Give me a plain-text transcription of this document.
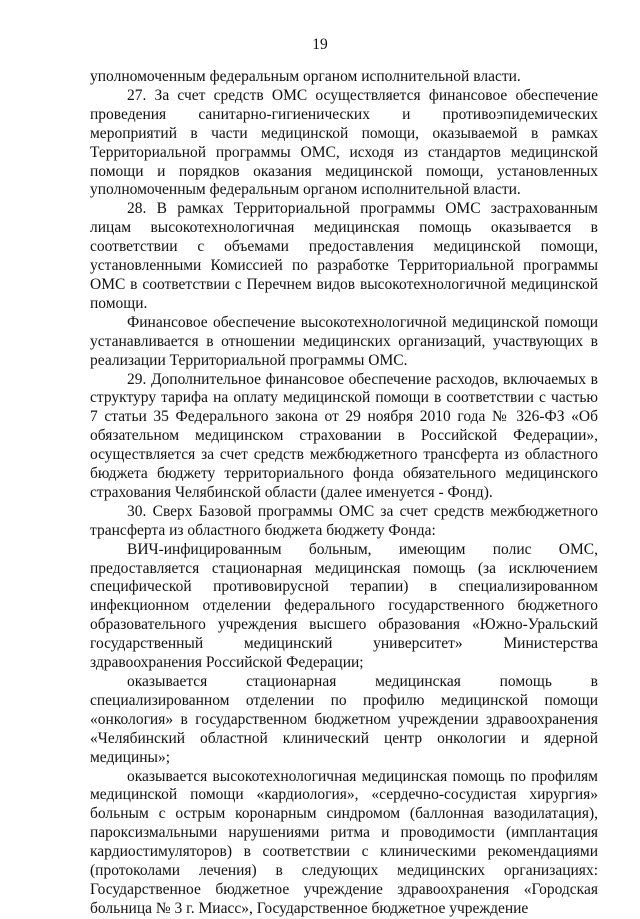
19

уполномоченным федеральным органом исполнительной власти.

27. За счет средств ОМС осуществляется финансовое обеспечение проведения санитарно-гигиенических и противоэпидемических мероприятий в части медицинской помощи, оказываемой в рамках Территориальной программы ОМС, исходя из стандартов медицинской помощи и порядков оказания медицинской помощи, установленных уполномоченным федеральным органом исполнительной власти.

28. В рамках Территориальной программы ОМС застрахованным лицам высокотехнологичная медицинская помощь оказывается в соответствии с объемами предоставления медицинской помощи, установленными Комиссией по разработке Территориальной программы ОМС в соответствии с Перечнем видов высокотехнологичной медицинской помощи.

Финансовое обеспечение высокотехнологичной медицинской помощи устанавливается в отношении медицинских организаций, участвующих в реализации Территориальной программы ОМС.

29. Дополнительное финансовое обеспечение расходов, включаемых в структуру тарифа на оплату медицинской помощи в соответствии с частью 7 статьи 35 Федерального закона от 29 ноября 2010 года № 326-ФЗ «Об обязательном медицинском страховании в Российской Федерации», осуществляется за счет средств межбюджетного трансферта из областного бюджета бюджету территориального фонда обязательного медицинского страхования Челябинской области (далее именуется - Фонд).

30. Сверх Базовой программы ОМС за счет средств межбюджетного трансферта из областного бюджета бюджету Фонда:

ВИЧ-инфицированным больным, имеющим полис ОМС, предоставляется стационарная медицинская помощь (за исключением специфической противовирусной терапии) в специализированном инфекционном отделении федерального государственного бюджетного образовательного учреждения высшего образования «Южно-Уральский государственный медицинский университет» Министерства здравоохранения Российской Федерации;

оказывается стационарная медицинская помощь в специализированном отделении по профилю медицинской помощи «онкология» в государственном бюджетном учреждении здравоохранения «Челябинский областной клинический центр онкологии и ядерной медицины»;

оказывается высокотехнологичная медицинская помощь по профилям медицинской помощи «кардиология», «сердечно-сосудистая хирургия» больным с острым коронарным синдромом (баллонная вазодилатация), пароксизмальными нарушениями ритма и проводимости (имплантация кардиостимуляторов) в соответствии с клиническими рекомендациями (протоколами лечения) в следующих медицинских организациях: Государственное бюджетное учреждение здравоохранения «Городская больница № 3 г. Миасс», Государственное бюджетное учреждение
